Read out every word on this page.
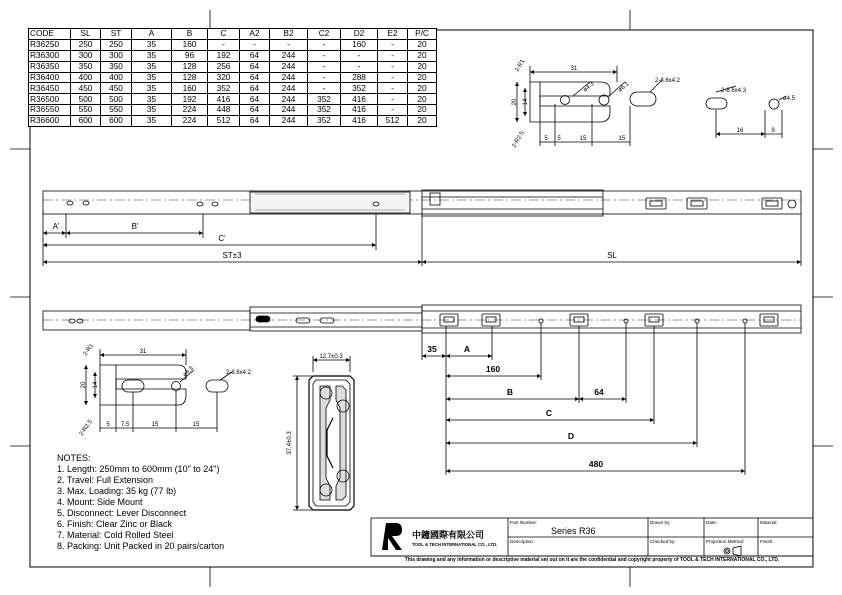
31
20 14
2-R1
2-R2.5
ø4.3	ø6.1
2-8.6x4.2
5 5	15	15
2-8.6x4.3
ø4.5
16	9
A'	B'
C'
ST±3	SL
35	A
160
B	64
C
D
480
31
20 14
2-R1
2-R2.5
ø4.3	2-8.6x4.2
5 7.5	15	15
12.7±0.3
37.4±0.3
CODE	SL	ST	A	B	C	A2	B2	C2	D2	E2	P/C
R36250	250	250	35	160	-	-	-	-	160	-	20
R36300	300	300	35	96	192	64	244	-	-	-	20
R36350	350	350	35	128	256	64	244	-	-	-	20
R36400	400	400	35	128	320	64	244	-	288	-	20
R36450	450	450	35	160	352	64	244	-	352	-	20
R36500	500	500	35	192	416	64	244	352	416	-	20
R36550	550	550	35	224	448	64	244	352	416	-	20
R36600	600	600	35	224	512	64	244	352	416	512	20
NOTES:
1. Length: 250mm to 600mm (10" to 24")
2. Travel: Full Extension
3. Max. Loading: 35 kg (77 lb)
4. Mount: Side Mount
5. Disconnect: Lever Disconnect
6. Finish: Clear Zinc or Black
7. Material: Cold Rolled Steel
8. Packing: Unit Packed in 20 pairs/carton
中鐘國際有限公司
TOOL & TECH INTERNATIONAL CO., LTD.
Part Number:
Series R36
Description:
Drawn by:
Checked by:
Date:
Projection Method:
Material:
Finish:
This drawing and any information or descriptive material set out on it are the confidential and copyright property of TOOL & TECH INTERNATIONAL CO., LTD.
